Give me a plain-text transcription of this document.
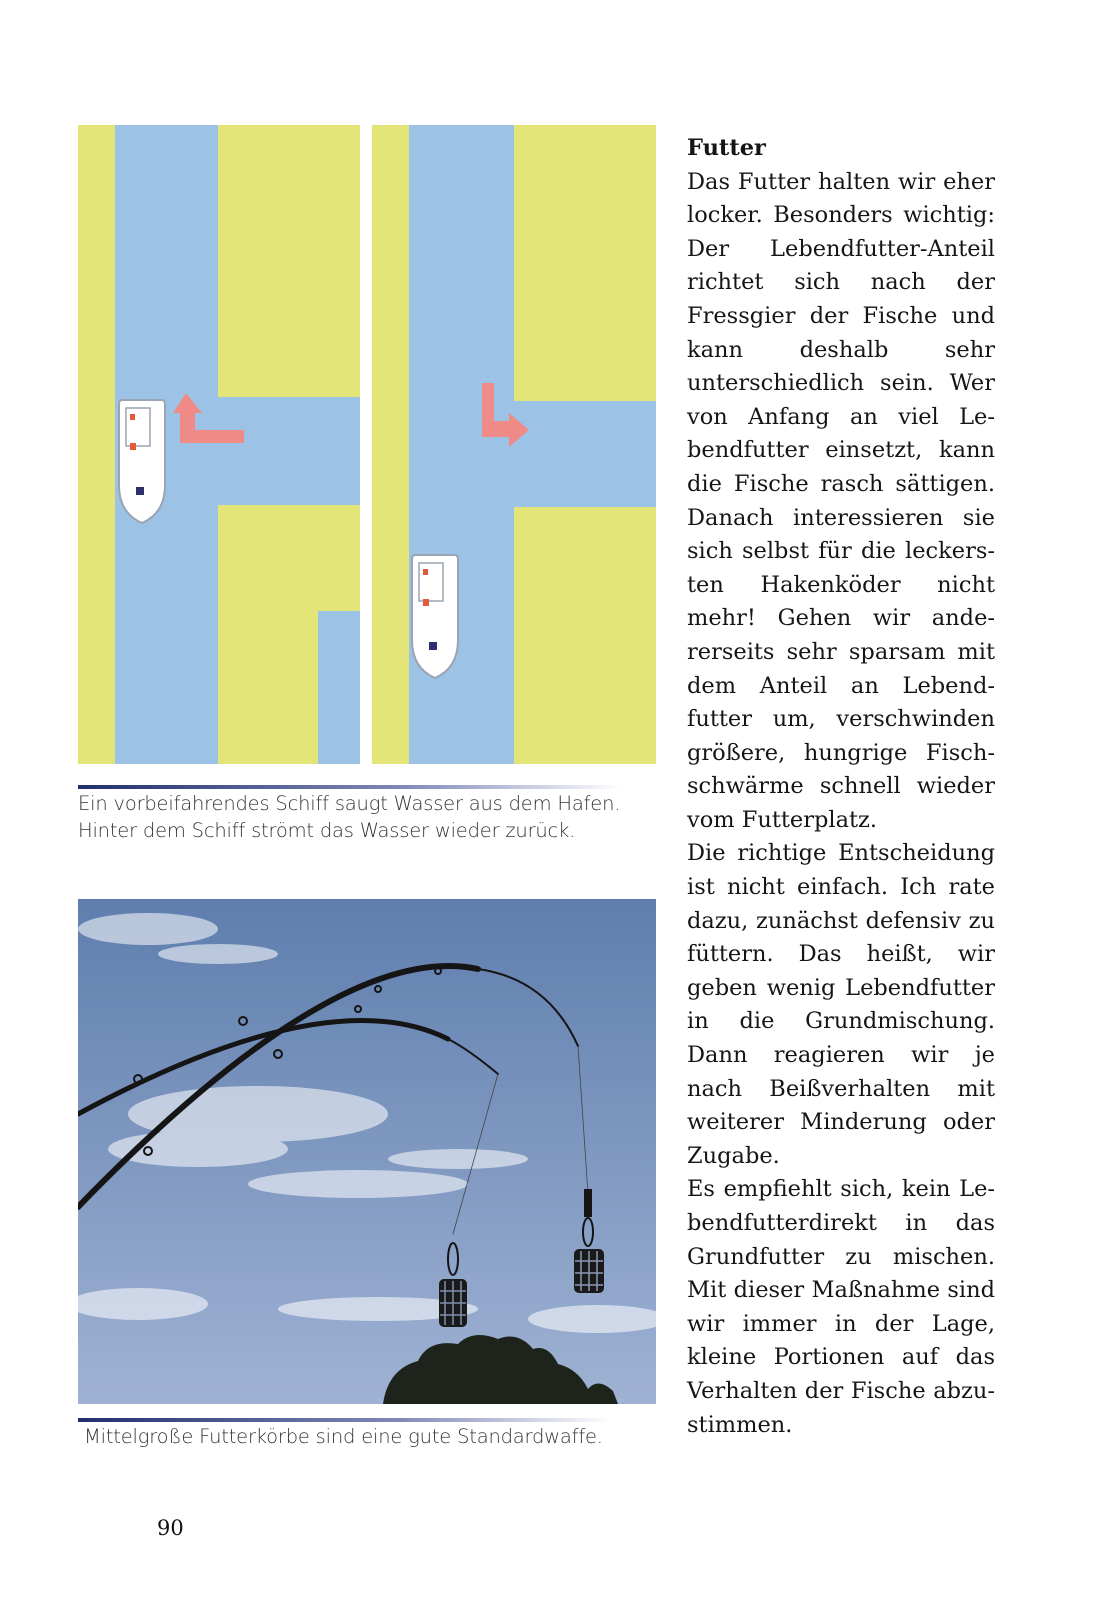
Ein vorbeifahrendes Schiff saugt Wasser aus dem Hafen. Hinter dem Schiff strömt das Wasser wieder zurück.
Mittelgroße Futterkörbe sind eine gute Standardwaffe.
Futter

Das Futter halten wir eher locker. Besonders wichtig: Der Lebendfutter-Anteil richtet sich nach der Fressgier der Fische und kann deshalb sehr unterschiedlich sein. Wer von Anfang an viel Lebendfutter einsetzt, kann die Fische rasch sättigen. Danach interessieren sie sich selbst für die leckersten Hakenköder nicht mehr! Gehen wir andererseits sehr sparsam mit dem Anteil an Lebendfutter um, verschwinden größere, hungrige Fischschwärme schnell wieder vom Futterplatz.

Die richtige Entscheidung ist nicht einfach. Ich rate dazu, zunächst defensiv zu füttern. Das heißt, wir geben wenig Lebendfutter in die Grundmischung. Dann reagieren wir je nach Beißverhalten mit weiterer Minderung oder Zugabe.

Es empfiehlt sich, kein Lebendfutterdirekt in das Grundfutter zu mischen. Mit dieser Maßnahme sind wir immer in der Lage, kleine Portionen auf das Verhalten der Fische abzustimmen.

90
